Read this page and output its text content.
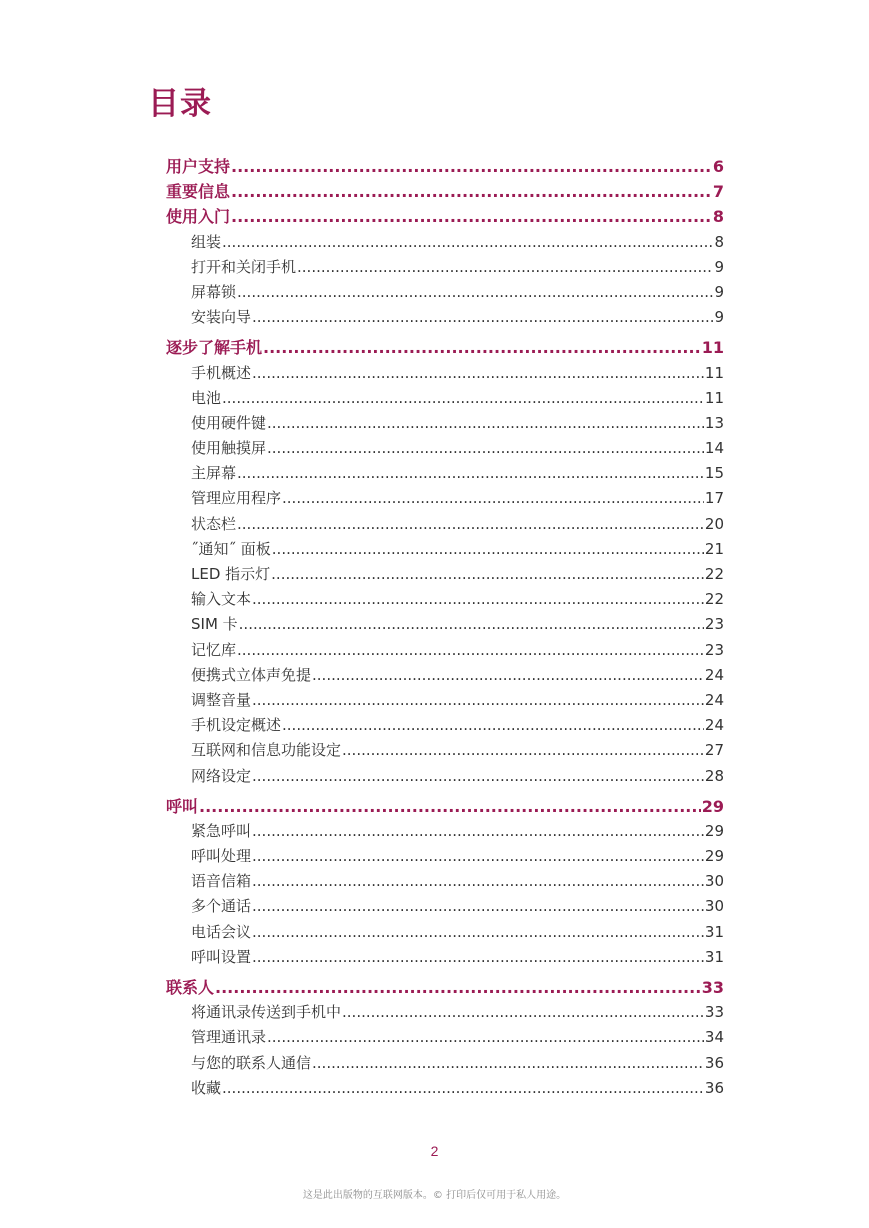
目录
用户支持 .....	6
重要信息 .....	7
使用入门 .....	8
组装 .....	8
打开和关闭手机 .....	9
屏幕锁 .....	9
安装向导 .....	9
逐步了解手机 .....	11
手机概述 .....	11
电池 .....	11
使用硬件键 .....	13
使用触摸屏 .....	14
主屏幕 .....	15
管理应用程序 .....	17
状态栏 .....	20
˝通知˝ 面板 .....	21
LED 指示灯 .....	22
输入文本 .....	22
SIM 卡 .....	23
记忆库 .....	23
便携式立体声免提 .....	24
调整音量 .....	24
手机设定概述 .....	24
互联网和信息功能设定 .....	27
网络设定 .....	28
呼叫 .....	29
紧急呼叫 .....	29
呼叫处理 .....	29
语音信箱 .....	30
多个通话 .....	30
电话会议 .....	31
呼叫设置 .....	31
联系人 .....	33
将通讯录传送到手机中 .....	33
管理通讯录 .....	34
与您的联系人通信 .....	36
收藏 .....	36
2
这是此出版物的互联网版本。© 打印后仅可用于私人用途。
